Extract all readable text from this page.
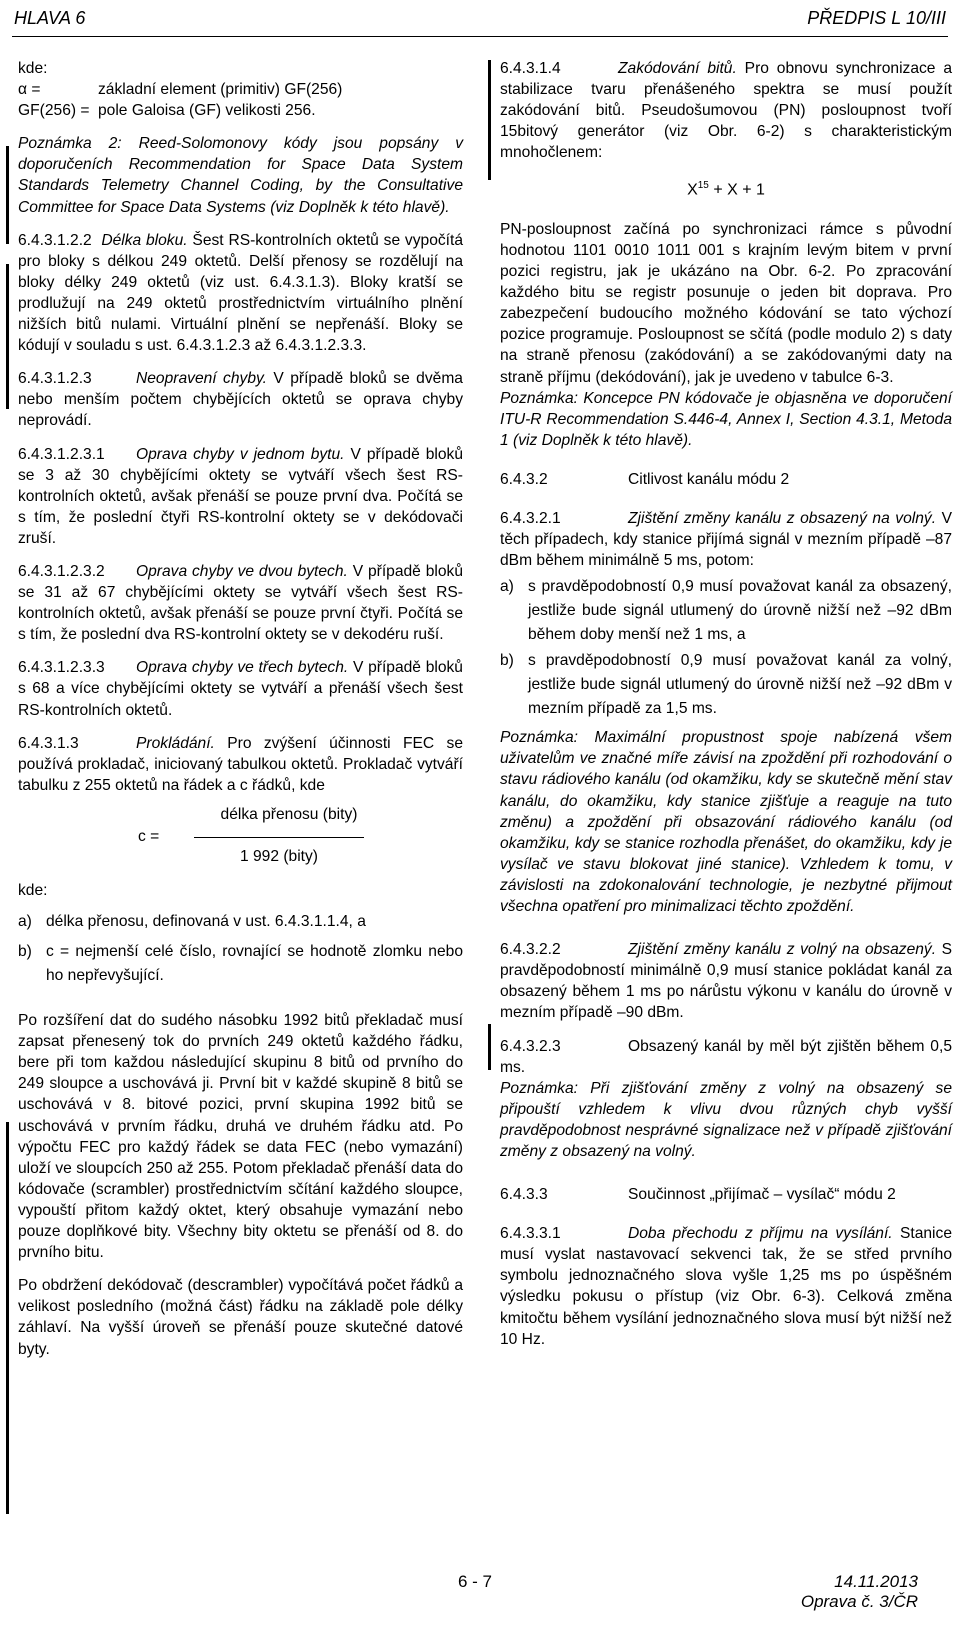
HLAVA 6	PŘEDPIS L 10/III
kde:
α =	základní element (primitiv) GF(256)
GF(256) = pole Galoisa (GF) velikosti 256.

Poznámka 2: Reed-Solomonovy kódy jsou popsány v doporučeních Recommendation for Space Data System Standards Telemetry Channel Coding, by the Consultative Committee for Space Data Systems (viz Doplněk k této hlavě).

6.4.3.1.2.2 Délka bloku. Šest RS-kontrolních oktetů se vypočítá pro bloky s délkou 249 oktetů. Delší přenosy se rozdělují na bloky délky 249 oktetů (viz ust. 6.4.3.1.3). Bloky kratší se prodlužují na 249 oktetů prostřednictvím virtuálního plnění nižších bitů nulami. Virtuální plnění se nepřenáší. Bloky se kódují v souladu s ust. 6.4.3.1.2.3 až 6.4.3.1.2.3.3.

6.4.3.1.2.3	Neopravení chyby. V případě bloků se dvěma nebo menším počtem chybějících oktetů se oprava chyby neprovádí.

6.4.3.1.2.3.1 Oprava chyby v jednom bytu. V případě bloků se 3 až 30 chybějícími oktety se vytváří všech šest RS-kontrolních oktetů, avšak přenáší se pouze první dva. Počítá se s tím, že poslední čtyři RS-kontrolní oktety se v dekódovači zruší.

6.4.3.1.2.3.2 Oprava chyby ve dvou bytech. V případě bloků se 31 až 67 chybějícími oktety se vytváří všech šest RS-kontrolních oktetů, avšak přenáší se pouze první čtyři. Počítá se s tím, že poslední dva RS-kontrolní oktety se v dekodéru ruší.

6.4.3.1.2.3.3 Oprava chyby ve třech bytech. V případě bloků s 68 a více chybějícími oktety se vytváří a přenáší všech šest RS-kontrolních oktetů.

6.4.3.1.3	Prokládání. Pro zvýšení účinnosti FEC se používá prokladač, iniciovaný tabulkou oktetů. Prokladač vytváří tabulku z 255 oktetů na řádek a c řádků, kde

délka přenosu (bity)
c =
1 992 (bity)
kde:
a) délka přenosu, definovaná v ust. 6.4.3.1.1.4, a
b) c = nejmenší celé číslo, rovnající se hodnotě zlomku nebo ho nepřevyšující.

Po rozšíření dat do sudého násobku 1992 bitů překladač musí zapsat přenesený tok do prvních 249 oktetů každého řádku, bere při tom každou následující skupinu 8 bitů od prvního do 249 sloupce a uschovává ji. První bit v každé skupině 8 bitů se uschovává v 8. bitové pozici, první skupina 1992 bitů se uschovává v prvním řádku, druhá ve druhém řádku atd. Po výpočtu FEC pro každý řádek se data FEC (nebo vymazání) uloží ve sloupcích 250 až 255. Potom překladač přenáší data do kódovače (scrambler) prostřednictvím sčítání každého sloupce, vypouští přitom každý oktet, který obsahuje vymazání nebo pouze doplňkové bity. Všechny bity oktetu se přenáší od 8. do prvního bitu.

Po obdržení dekódovač (descrambler) vypočítává počet řádků a velikost posledního (možná část) řádku na základě pole délky záhlaví. Na vyšší úroveň se přenáší pouze skutečné datové byty.

6.4.3.1.4	Zakódování bitů. Pro obnovu synchronizace a stabilizace tvaru přenášeného spektra se musí použít zakódování bitů. Pseudošumovou (PN) posloupnost tvoří 15bitový generátor (viz Obr. 6-2) s charakteristickým mnohočlenem:

$X^{15} + X + 1$

PN-posloupnost začíná po synchronizaci rámce s původní hodnotou 1101 0010 1011 001 s krajním levým bitem v první pozici registru, jak je ukázáno na Obr. 6-2. Po zpracování každého bitu se registr posunuje o jeden bit doprava. Pro zabezpečení budoucího možného kódování se tato výchozí pozice programuje. Posloupnost se sčítá (podle modulo 2) s daty na straně přenosu (zakódování) a se zakódovanými daty na straně příjmu (dekódování), jak je uvedeno v tabulce 6-3.

Poznámka: Koncepce PN kódovače je objasněna ve doporučení ITU-R Recommendation S.446-4, Annex I, Section 4.3.1, Metoda 1 (viz Doplněk k této hlavě).

6.4.3.2	Citlivost kanálu módu 2

6.4.3.2.1	Zjištění změny kanálu z obsazený na volný. V těch případech, kdy stanice přijímá signál v mezním případě –87 dBm během minimálně 5 ms, potom:

a) s pravděpodobností 0,9 musí považovat kanál za obsazený, jestliže bude signál utlumený do úrovně nižší než –92 dBm během doby menší než 1 ms, a
b) s pravděpodobností 0,9 musí považovat kanál za volný, jestliže bude signál utlumený do úrovně nižší než –92 dBm v mezním případě za 1,5 ms.

Poznámka: Maximální propustnost spoje nabízená všem uživatelům ve značné míře závisí na zpoždění při rozhodování o stavu rádiového kanálu (od okamžiku, kdy se skutečně mění stav kanálu, do okamžiku, kdy stanice zjišťuje a reaguje na tuto změnu) a zpoždění při obsazování rádiového kanálu (od okamžiku, kdy se stanice rozhodla přenášet, do okamžiku, kdy je vysílač ve stavu blokovat jiné stanice). Vzhledem k tomu, v závislosti na zdokonalování technologie, je nezbytné přijmout všechna opatření pro minimalizaci těchto zpoždění.

6.4.3.2.2	Zjištění změny kanálu z volný na obsazený. S pravděpodobností minimálně 0,9 musí stanice pokládat kanál za obsazený během 1 ms po nárůstu výkonu v kanálu do úrovně v mezním případě –90 dBm.

6.4.3.2.3	Obsazený kanál by měl být zjištěn během 0,5 ms.

Poznámka: Při zjišťování změny z volný na obsazený se připouští vzhledem k vlivu dvou různých chyb vyšší pravděpodobnost nesprávné signalizace než v případě zjišťování změny z obsazený na volný.

6.4.3.3	Součinnost „přijímač – vysílač“ módu 2

6.4.3.3.1	Doba přechodu z příjmu na vysílání. Stanice musí vyslat nastavovací sekvenci tak, že se střed prvního symbolu jednoznačného slova vyšle 1,25 ms po úspěšném výsledku pokusu o přístup (viz Obr. 6-3). Celková změna kmitočtu během vysílání jednoznačného slova musí být nižší než 10 Hz.

6 - 7	14.11.2013
Oprava č. 3/ČR
